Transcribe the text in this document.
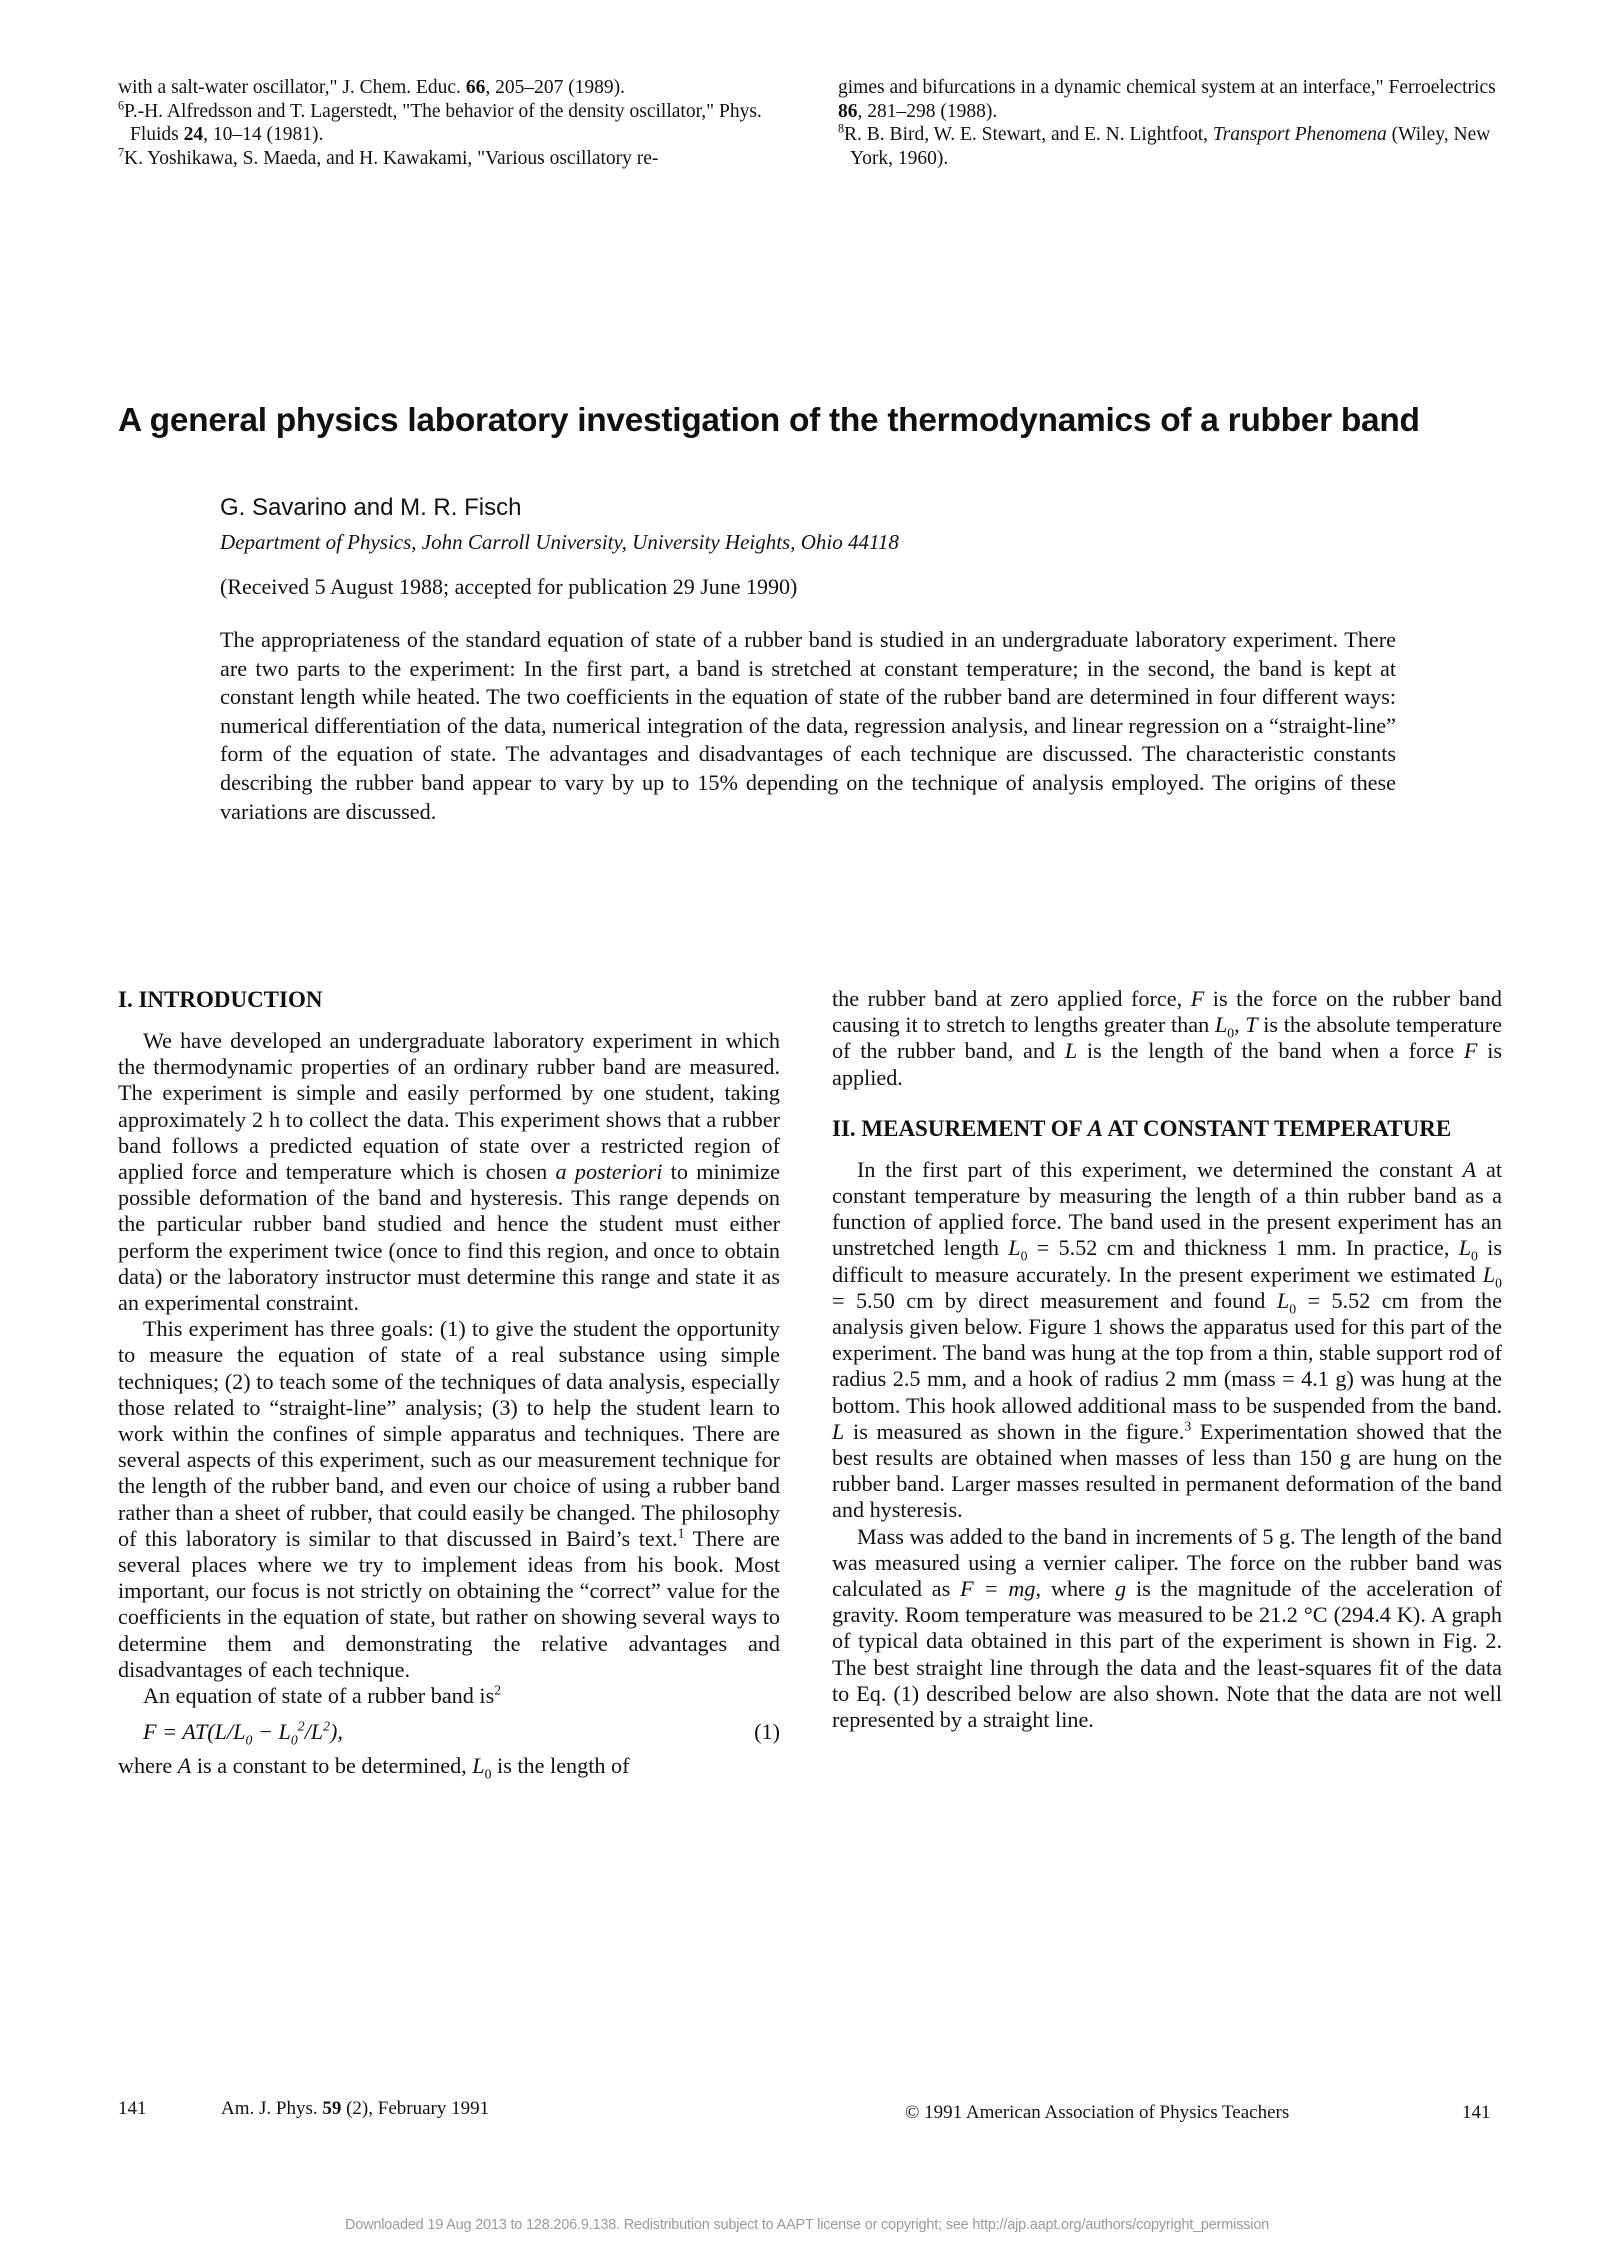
with a salt-water oscillator," J. Chem. Educ. 66, 205–207 (1989).

$^6$P.-H. Alfredsson and T. Lagerstedt, "The behavior of the density oscillator," Phys. Fluids 24, 10–14 (1981).

$^7$K. Yoshikawa, S. Maeda, and H. Kawakami, "Various oscillatory re-

gimes and bifurcations in a dynamic chemical system at an interface," Ferroelectrics 86, 281–298 (1988).

$^8$R. B. Bird, W. E. Stewart, and E. N. Lightfoot, Transport Phenomena (Wiley, New York, 1960).

A general physics laboratory investigation of the thermodynamics of a rubber band
G. Savarino and M. R. Fisch
Department of Physics, John Carroll University, University Heights, Ohio 44118
(Received 5 August 1988; accepted for publication 29 June 1990)
The appropriateness of the standard equation of state of a rubber band is studied in an undergraduate laboratory experiment. There are two parts to the experiment: In the first part, a band is stretched at constant temperature; in the second, the band is kept at constant length while heated. The two coefficients in the equation of state of the rubber band are determined in four different ways: numerical differentiation of the data, numerical integration of the data, regression analysis, and linear regression on a “straight-line” form of the equation of state. The advantages and disadvantages of each technique are discussed. The characteristic constants describing the rubber band appear to vary by up to 15% depending on the technique of analysis employed. The origins of these variations are discussed.

I. INTRODUCTION

We have developed an undergraduate laboratory experiment in which the thermodynamic properties of an ordinary rubber band are measured. The experiment is simple and easily performed by one student, taking approximately 2 h to collect the data. This experiment shows that a rubber band follows a predicted equation of state over a restricted region of applied force and temperature which is chosen a posteriori to minimize possible deformation of the band and hysteresis. This range depends on the particular rubber band studied and hence the student must either perform the experiment twice (once to find this region, and once to obtain data) or the laboratory instructor must determine this range and state it as an experimental constraint.

This experiment has three goals: (1) to give the student the opportunity to measure the equation of state of a real substance using simple techniques; (2) to teach some of the techniques of data analysis, especially those related to “straight-line” analysis; (3) to help the student learn to work within the confines of simple apparatus and techniques. There are several aspects of this experiment, such as our measurement technique for the length of the rubber band, and even our choice of using a rubber band rather than a sheet of rubber, that could easily be changed. The philosophy of this laboratory is similar to that discussed in Baird’s text.$^1$ There are several places where we try to implement ideas from his book. Most important, our focus is not strictly on obtaining the “correct” value for the coefficients in the equation of state, but rather on showing several ways to determine them and demonstrating the relative advantages and disadvantages of each technique.

An equation of state of a rubber band $is^2$

$F = AT(L/L_0 - L_0^2/L^2)$,	(1)

where A is a constant to be determined, $L_0$ is the length of

the rubber band at zero applied force, F is the force on the rubber band causing it to stretch to lengths greater than $L_0$, T is the absolute temperature of the rubber band, and L is the length of the band when a force F is applied.

II. MEASUREMENT OF A AT CONSTANT TEMPERATURE

In the first part of this experiment, we determined the constant A at constant temperature by measuring the length of a thin rubber band as a function of applied force. The band used in the present experiment has an unstretched length $L_0 = 5.52$ cm and thickness 1 mm. In practice, $L_0$ is difficult to measure accurately. In the present experiment we estimated $L_0 = 5.50$ cm by direct measurement and found $L_0 = 5.52$ cm from the analysis given below. Figure 1 shows the apparatus used for this part of the experiment. The band was hung at the top from a thin, stable support rod of radius 2.5 mm, and a hook of radius 2 mm (mass = 4.1 g) was hung at the bottom. This hook allowed additional mass to be suspended from the band. L is measured as shown in the figure.$^3$ Experimentation showed that the best results are obtained when masses of less than 150 g are hung on the rubber band. Larger masses resulted in permanent deformation of the band and hysteresis.

Mass was added to the band in increments of 5 g. The length of the band was measured using a vernier caliper. The force on the rubber band was calculated as F = mg, where g is the magnitude of the acceleration of gravity. Room temperature was measured to be 21.2 °C (294.4 K). A graph of typical data obtained in this part of the experiment is shown in Fig. 2. The best straight line through the data and the least-squares fit of the data to Eq. (1) described below are also shown. Note that the data are not well represented by a straight line.

141	Am. J. Phys. 59 (2), February 1991	© 1991 American Association of Physics Teachers	141
Downloaded 19 Aug 2013 to 128.206.9.138. Redistribution subject to AAPT license or copyright; see http://ajp.aapt.org/authors/copyright_permission
